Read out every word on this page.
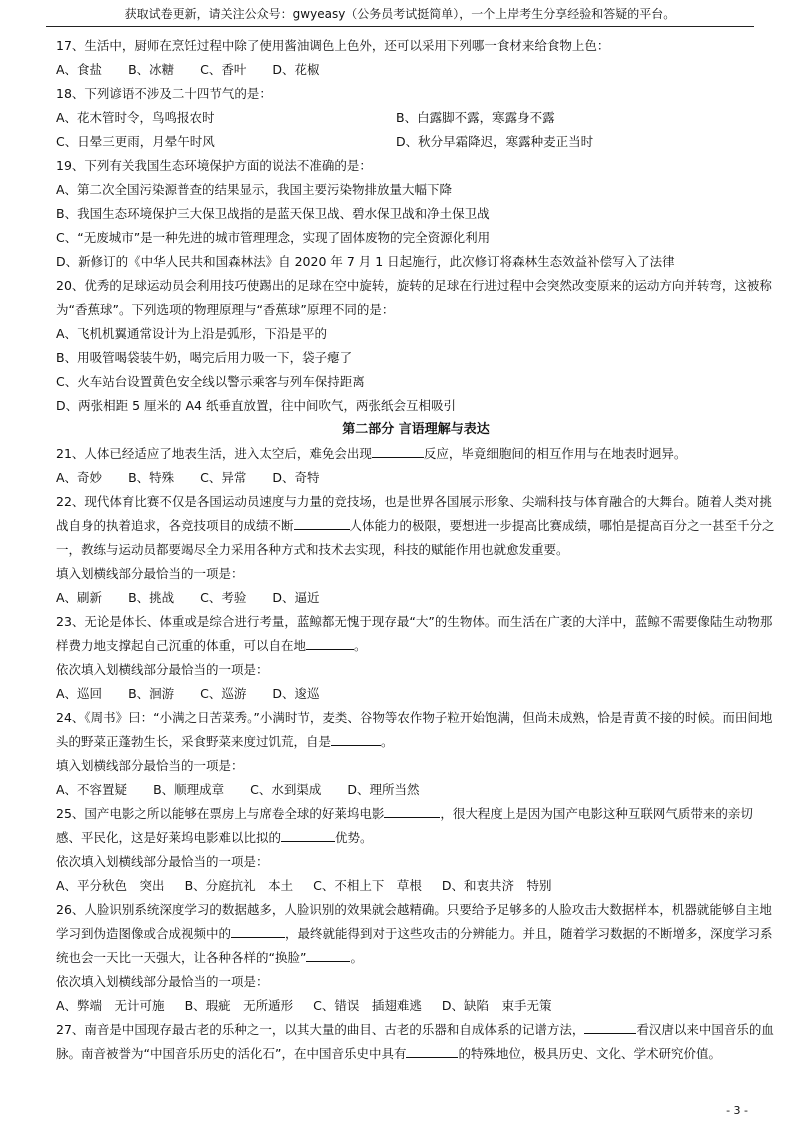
获取试卷更新，请关注公众号：gwyeasy（公务员考试挺简单），一个上岸考生分享经验和答疑的平台。
17、生活中，厨师在烹饪过程中除了使用酱油调色上色外，还可以采用下列哪一食材来给食物上色：
A、食盐 B、冰糖 C、香叶 D、花椒
18、下列谚语不涉及二十四节气的是：
A、花木管时令，鸟鸣报农时	B、白露脚不露，寒露身不露
C、日晕三更雨，月晕午时风	D、秋分早霜降迟，寒露种麦正当时
19、下列有关我国生态环境保护方面的说法不准确的是：
A、第二次全国污染源普查的结果显示，我国主要污染物排放量大幅下降
B、我国生态环境保护三大保卫战指的是蓝天保卫战、碧水保卫战和净土保卫战
C、“无废城市”是一种先进的城市管理理念，实现了固体废物的完全资源化利用
D、新修订的《中华人民共和国森林法》自 2020 年 7 月 1 日起施行，此次修订将森林生态效益补偿写入了法律
20、优秀的足球运动员会利用技巧使踢出的足球在空中旋转，旋转的足球在行进过程中会突然改变原来的运动方向并转弯，这被称为“香蕉球”。下列选项的物理原理与“香蕉球”原理不同的是：
A、飞机机翼通常设计为上沿是弧形，下沿是平的
B、用吸管喝袋装牛奶，喝完后用力吸一下，袋子瘪了
C、火车站台设置黄色安全线以警示乘客与列车保持距离
D、两张相距 5 厘米的 A4 纸垂直放置，往中间吹气，两张纸会互相吸引
第二部分 言语理解与表达
21、人体已经适应了地表生活，进入太空后，难免会出现	反应，毕竟细胞间的相互作用与在地表时迥异。
A、奇妙 B、特殊 C、异常 D、奇特
22、现代体育比赛不仅是各国运动员速度与力量的竞技场，也是世界各国展示形象、尖端科技与体育融合的大舞台。随着人类对挑战自身的执着追求，各竞技项目的成绩不断	人体能力的极限，要想进一步提高比赛成绩，哪怕是提高百分之一甚至千分之一，教练与运动员都要竭尽全力采用各种方式和技术去实现，科技的赋能作用也就愈发重要。
填入划横线部分最恰当的一项是：
A、刷新 B、挑战 C、考验 D、逼近
23、无论是体长、体重或是综合进行考量，蓝鲸都无愧于现存最“大”的生物体。而生活在广袤的大洋中，蓝鲸不需要像陆生动物那样费力地支撑起自己沉重的体重，可以自在地	。
依次填入划横线部分最恰当的一项是：
A、巡回 B、洄游 C、巡游 D、逡巡
24、《周书》曰：“小满之日苦菜秀。”小满时节，麦类、谷物等农作物子粒开始饱满，但尚未成熟，恰是青黄不接的时候。而田间地头的野菜正蓬勃生长，采食野菜来度过饥荒，自是	。
填入划横线部分最恰当的一项是：
A、不容置疑 B、顺理成章 C、水到渠成 D、理所当然
25、国产电影之所以能够在票房上与席卷全球的好莱坞电影	，很大程度上是因为国产电影这种互联网气质带来的亲切感、平民化，这是好莱坞电影难以比拟的	优势。
依次填入划横线部分最恰当的一项是：
A、平分秋色　突出 B、分庭抗礼　本土 C、不相上下　草根 D、和衷共济　特别
26、人脸识别系统深度学习的数据越多，人脸识别的效果就会越精确。只要给予足够多的人脸攻击大数据样本，机器就能够自主地学习到伪造图像或合成视频中的	，最终就能得到对于这些攻击的分辨能力。并且，随着学习数据的不断增多，深度学习系统也会一天比一天强大，让各种各样的“换脸”	。
依次填入划横线部分最恰当的一项是：
A、弊端　无计可施 B、瑕疵　无所遁形 C、错误　插翅难逃 D、缺陷　束手无策
27、南音是中国现存最古老的乐种之一，以其大量的曲目、古老的乐器和自成体系的记谱方法，	看汉唐以来中国音乐的血脉。南音被誉为“中国音乐历史的活化石”，在中国音乐史中具有	的特殊地位，极具历史、文化、学术研究价值。
- 3 -
